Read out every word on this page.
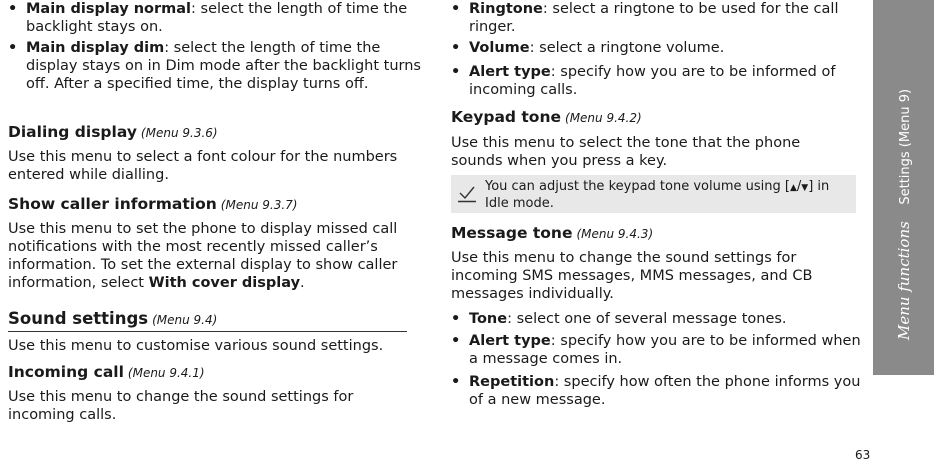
• Main display normal: select the length of time the backlight stays on.

• Main display dim: select the length of time the display stays on in Dim mode after the backlight turns off. After a specified time, the display turns off.

Dialing display (Menu 9.3.6)

Use this menu to select a font colour for the numbers entered while dialling.

Show caller information (Menu 9.3.7)

Use this menu to set the phone to display missed call notifications with the most recently missed caller’s information. To set the external display to show caller information, select With cover display.

Sound settings (Menu 9.4)

Use this menu to customise various sound settings.

Incoming call (Menu 9.4.1)

Use this menu to change the sound settings for incoming calls.

• Ringtone: select a ringtone to be used for the call ringer.

• Volume: select a ringtone volume.

• Alert type: specify how you are to be informed of incoming calls.

Keypad tone (Menu 9.4.2)

Use this menu to select the tone that the phone sounds when you press a key.

You can adjust the keypad tone volume using [▲/▼] in Idle mode.
Message tone (Menu 9.4.3)

Use this menu to change the sound settings for incoming SMS messages, MMS messages, and CB messages individually.

• Tone: select one of several message tones.

• Alert type: specify how you are to be informed when a message comes in.

• Repetition: specify how often the phone informs you of a new message.

Menu functions    Settings (Menu 9)
63
